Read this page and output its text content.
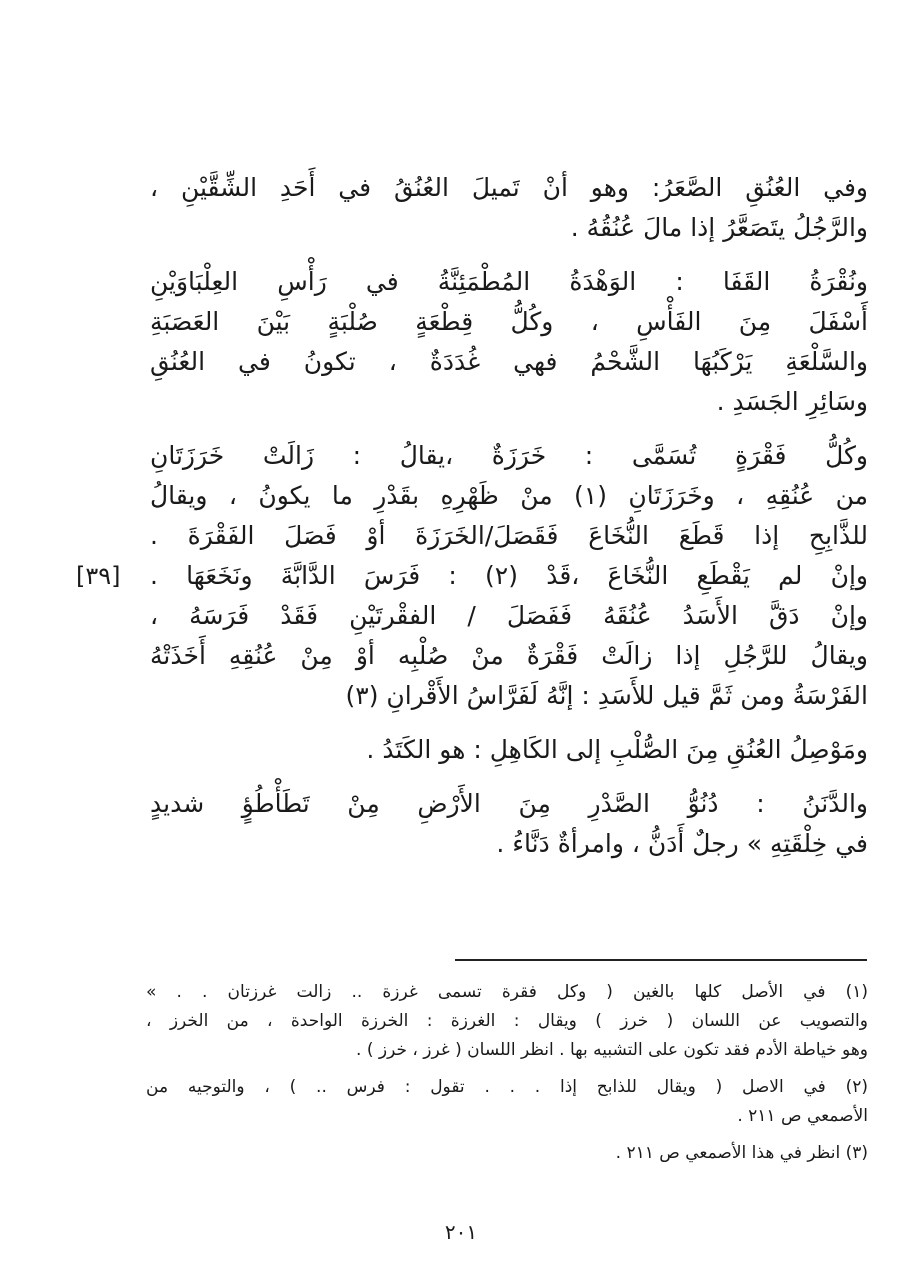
وفي العُنُقِ الصَّعَرُ: وهو أنْ تَميلَ العُنُقُ في أَحَدِ الشِّقَّيْنِ ،
والرَّجُلُ يتَصَعَّرُ إذا مالَ عُنُقُهُ .
ونُقْرَةُ القَفَا : الوَهْدَةُ المُطْمَئِنَّةُ في رَأْسِ العِلْبَاوَيْنِ
أَسْفَلَ مِنَ الفَأْسِ ، وكُلُّ قِطْعَةٍ صُلْبَةٍ بَيْنَ العَصَبَةِ
والسَّلْعَةِ يَرْكَبُهَا الشَّحْمُ فهي غُدَدَةٌ ، تكونُ في العُنُقِ
وسَائِرِ الجَسَدِ .
وكُلُّ فَقْرَةٍ تُسَمَّى : خَرَزَةٌ ،يقالُ : زَالَتْ خَرَزَتَانِ
من عُنُقِهِ ، وخَرَزَتَانِ (١) منْ ظَهْرِهِ بقَدْرِ ما يكونُ ، ويقالُ
للذَّابِحِ إذا قَطَعَ النُّخَاعَ فَقَصَلَ/الخَرَزَةَ أوْ فَصَلَ الفَقْرَةَ .
وإنْ لم يَقْطَعِ النُّخَاعَ ،قَدْ (٢) : فَرَسَ الدَّابَّةَ ونَخَعَهَا .
وإنْ دَقَّ الأَسَدُ عُنُقَهُ فَفَصَلَ / الفقْرتَيْنِ فَقَدْ فَرَسَهُ ،
ويقالُ للرَّجُلِ إذا زالَتْ فَقْرَةٌ منْ صُلْبِه أوْ مِنْ عُنُقِهِ أَخَذَتْهُ
الفَرْسَةُ ومن ثَمَّ قيل للأَسَدِ : إنَّهُ لَفَرَّاسُ الأَقْرانِ (٣)
ومَوْصِلُ العُنُقِ مِنَ الصُّلْبِ إلى الكَاهِلِ : هو الكَتَدُ .
والدَّنَنُ : دُنُوُّ الصَّدْرِ مِنَ الأَرْضِ مِنْ تَطَأْطُؤٍ شديدٍ
في خِلْقَتِهِ » رجلٌ أَدَنُّ ، وامرأةٌ دَنَّاءُ .
[٣٩]
(١) في الأصل كلها بالغين ( وكل فقرة تسمى غرزة .. زالت غرزتان . . »
والتصويب عن اللسان ( خرز ) ويقال : الغرزة : الخرزة الواحدة ، من الخرز ،
وهو خياطة الأدم فقد تكون على التشبيه بها . انظر اللسان ( غرز ، خرز ) .
(٢) في الاصل ( ويقال للذابح إذا . . . تقول : فرس .. ) ، والتوجيه من
الأصمعي ص ٢١١ .
(٣) انظر في هذا الأصمعي ص ٢١١ .
٢٠١
